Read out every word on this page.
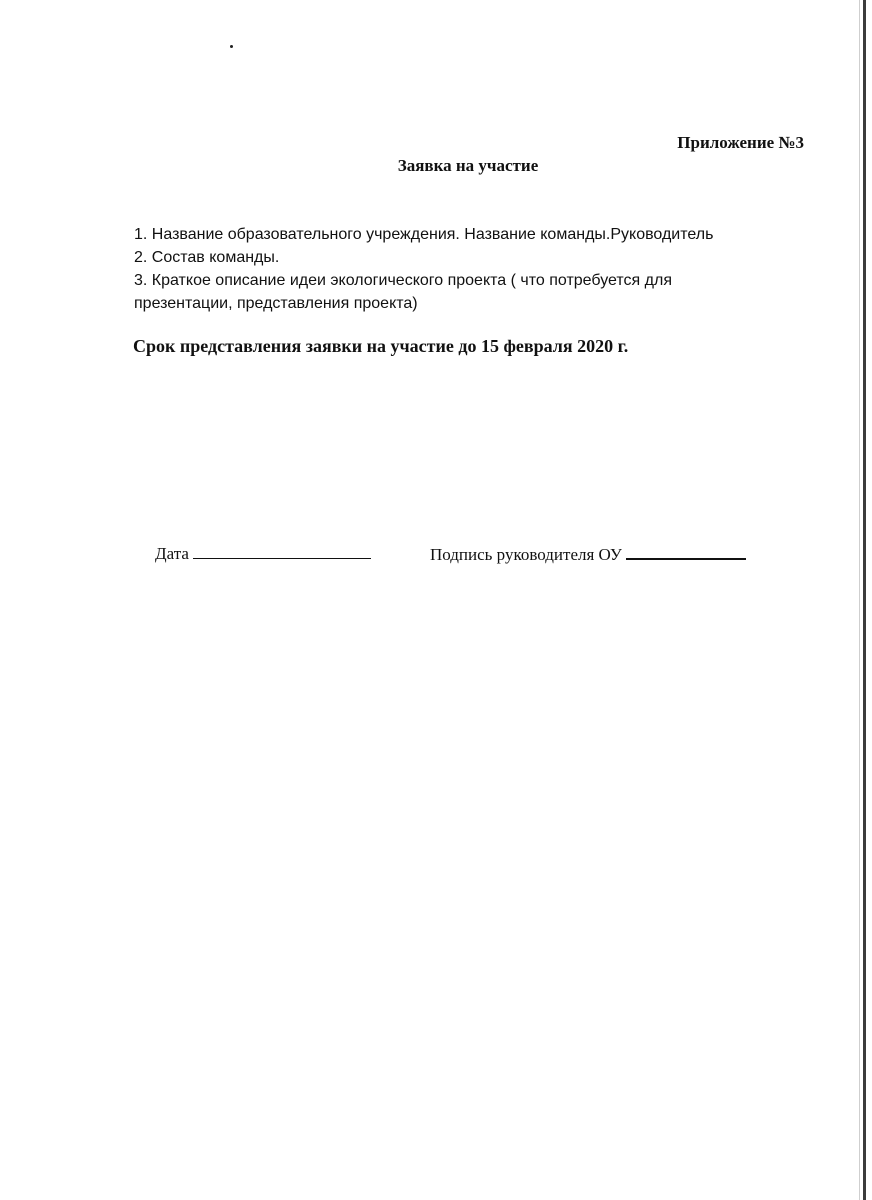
Приложение №3
Заявка на участие
1. Название образовательного учреждения. Название команды.Руководитель
2. Состав команды.
3. Краткое описание идеи экологического проекта ( что потребуется для
презентации, представления проекта)
Срок представления заявки на участие до 15 февраля 2020 г.
Дата	Подпись руководителя ОУ
